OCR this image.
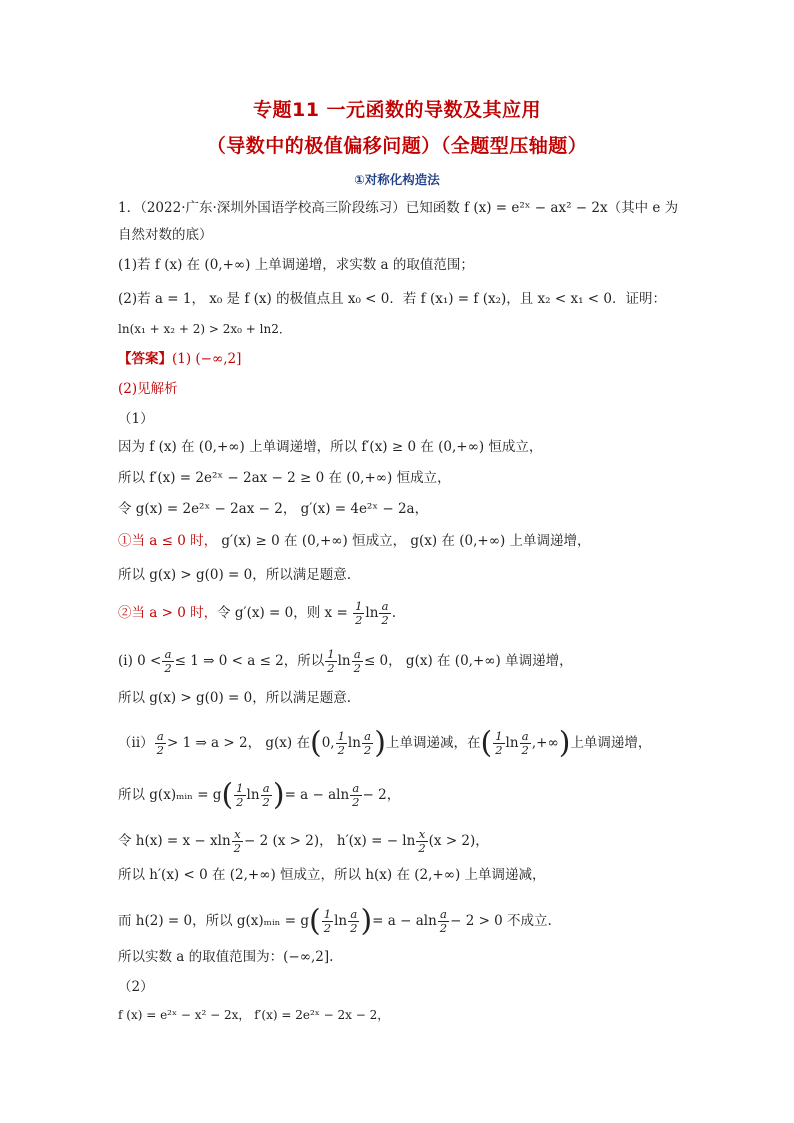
专题11 一元函数的导数及其应用
（导数中的极值偏移问题）（全题型压轴题）
①对称化构造法
1．（2022·广东·深圳外国语学校高三阶段练习）已知函数 f (x) = e²ˣ − ax² − 2x（其中 e 为
自然对数的底）
(1)若 f (x) 在 (0,+∞) 上单调递增，求实数 a 的取值范围；
(2)若 a = 1， x₀ 是 f (x) 的极值点且 x₀ < 0．若 f (x₁) = f (x₂)，且 x₂ < x₁ < 0．证明：
ln(x₁ + x₂ + 2) > 2x₀ + ln2．
【答案】(1) (−∞,2]
(2)见解析
（1）
因为 f (x) 在 (0,+∞) 上单调递增，所以 f′(x) ≥ 0 在 (0,+∞) 恒成立，
所以 f′(x) = 2e²ˣ − 2ax − 2 ≥ 0 在 (0,+∞) 恒成立，
令 g(x) = 2e²ˣ − 2ax − 2， g′(x) = 4e²ˣ − 2a，
①当 a ≤ 0 时， g′(x) ≥ 0 在 (0,+∞) 恒成立， g(x) 在 (0,+∞) 上单调递增，
所以 g(x) > g(0) = 0，所以满足题意.
②当 a > 0 时，令 g′(x) = 0，则 $x = \frac{1}{2}$ $\ln \frac{a}{2}$ .
(i) $0 < \frac{a}{2} \le 1$ ⇒ 0 < a ≤ 2，所以 $\frac{1}{2}$ $\ln \frac{a}{2} \le 0$， g(x) 在 (0,+∞) 单调递增，
所以 g(x) > g(0) = 0，所以满足题意.
$(ii) \frac{a}{2} > 1$ ⇒ a > 2， g(x) 在(0, $\frac{1}{2}$ $\ln \frac{a}{2}$ )上单调递减，在( $\frac{1}{2}$ $\ln \frac{a}{2}$ ,+∞)上单调递增，
所以 g(x)ₘᵢₙ = $g( \frac{1}{2}$ $\ln \frac{a}{2}$ )= a − aln $\frac{a}{2} - 2$，
令 h(x) = x − xln $\frac{x}{2} - 2$ (x > 2)， h′(x) = − $\ln \frac{x}{2} (x > 2)$，
所以 h′(x) < 0 在 (2,+∞) 恒成立，所以 h(x) 在 (2,+∞) 上单调递减，
而 h(2) = 0，所以 g(x)ₘᵢₙ = $g( \frac{1}{2}$ $\ln \frac{a}{2}$ )= a − aln $\frac{a}{2} - 2 > 0$ 不成立.
所以实数 a 的取值范围为：(−∞,2].
（2）
f (x) = e²ˣ − x² − 2x， f′(x) = 2e²ˣ − 2x − 2，
